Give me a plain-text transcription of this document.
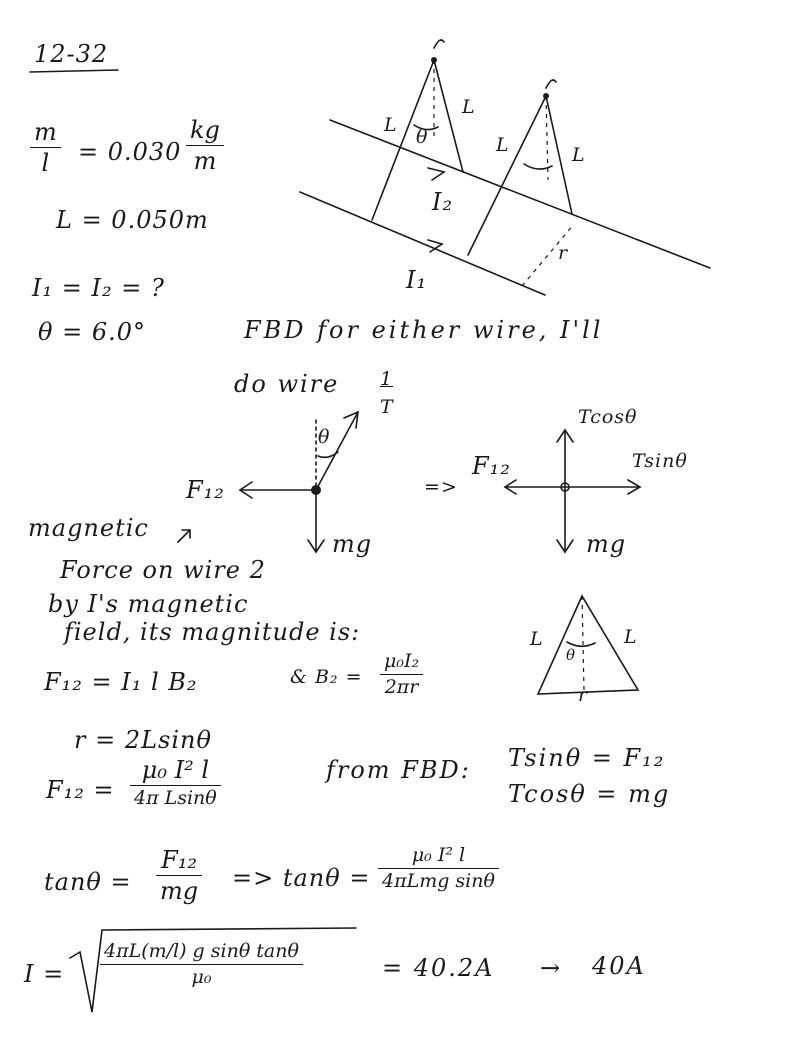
12-32
m
l	= 0.030
kg
m
L = 0.050m
I₁ = I₂ = ?
θ = 6.0°
L
L
θ	L	L
I₂
I₁
r
FBD for either wire, I'll
do wire 1
T
θ
F₁₂
mg
=>
Tcosθ
Tsinθ
F₁₂
mg
magnetic
Force on wire 2
by I's magnetic
field, its magnitude is:
F₁₂ = I₁ l B₂	& B₂ =
μ₀I₂
2πr
L	L
θ
r
r = 2Lsinθ
F₁₂ =
μ₀ I² l
4π Lsinθ
from FBD: Tsinθ = F₁₂
Tcosθ = mg
tanθ =
F₁₂
mg => tanθ =
μ₀ I² l
4πLmg sinθ
I =
4πL(m/l) g sinθ tanθ
μ₀	= 40.2A → 40A
